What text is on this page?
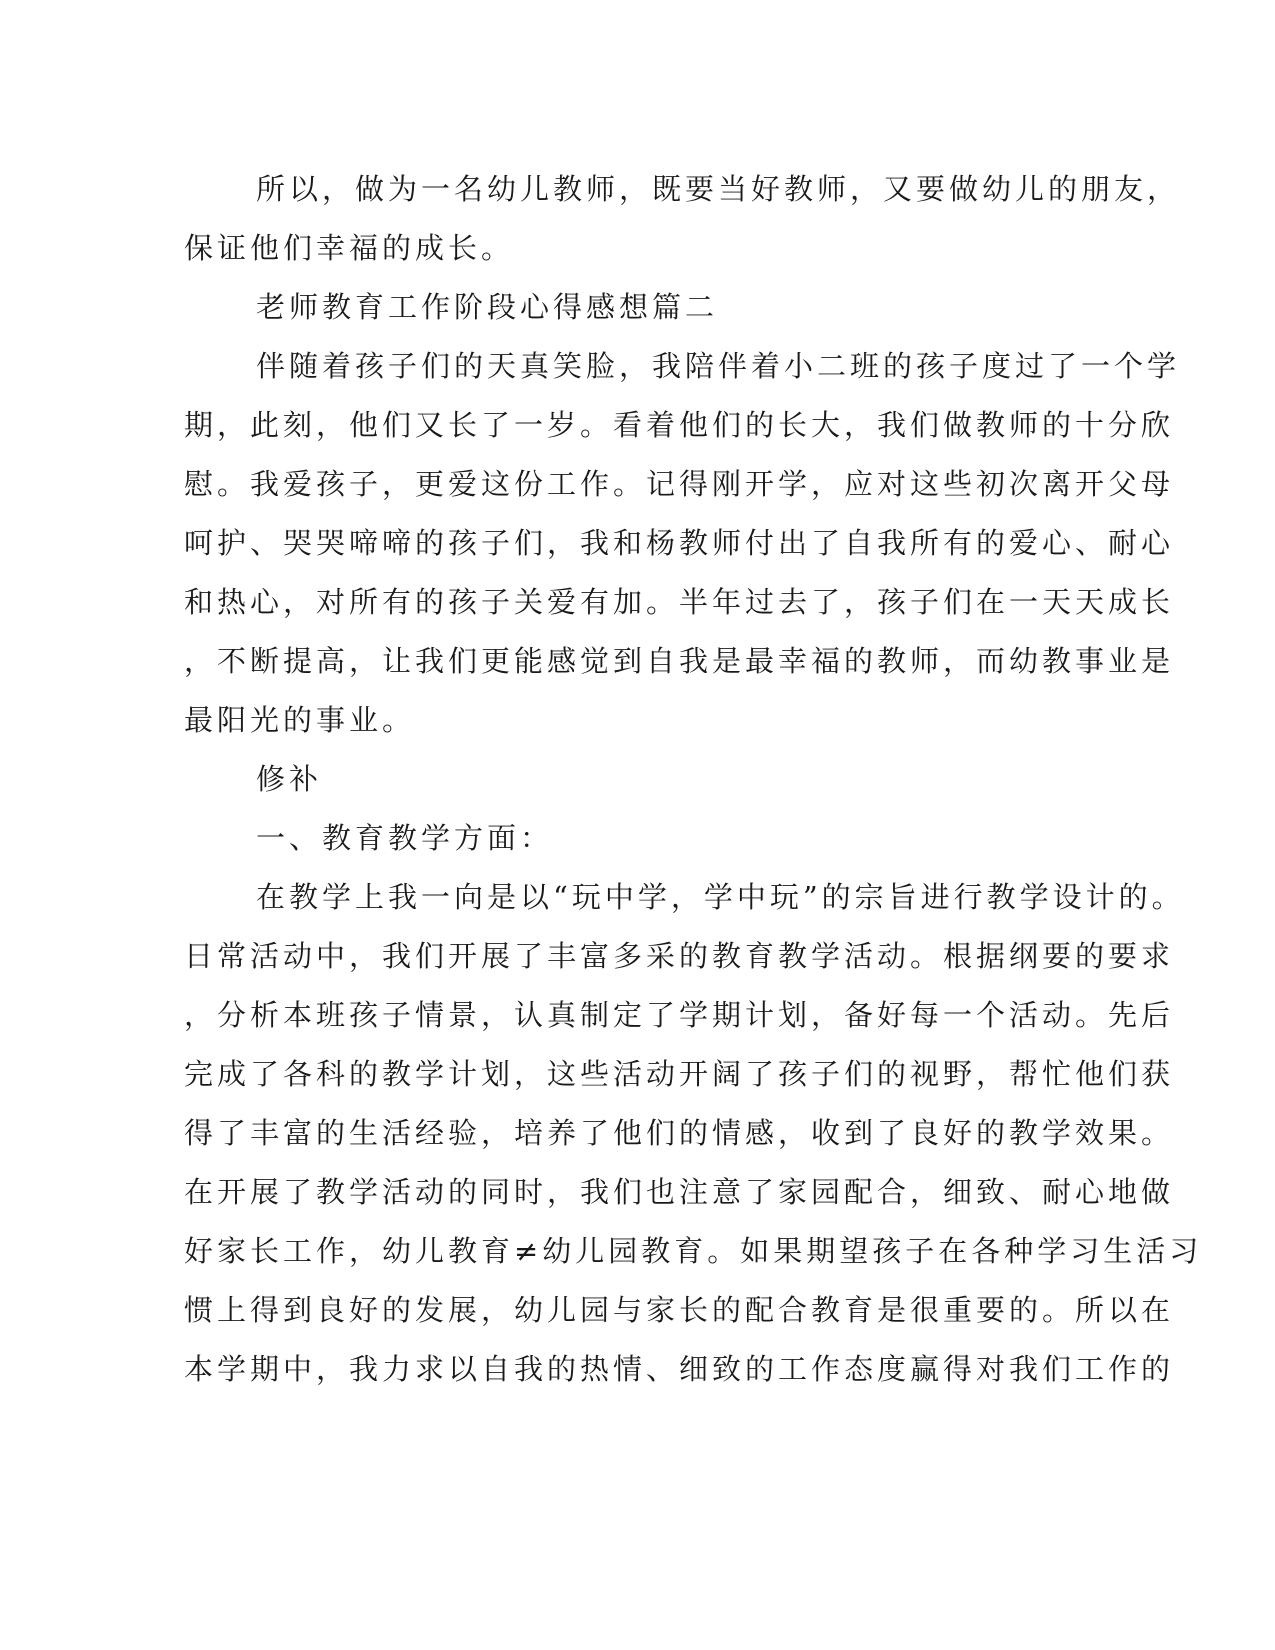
所以，做为一名幼儿教师，既要当好教师，又要做幼儿的朋友，
保证他们幸福的成长。
老师教育工作阶段心得感想篇二
伴随着孩子们的天真笑脸，我陪伴着小二班的孩子度过了一个学
期，此刻，他们又长了一岁。看着他们的长大，我们做教师的十分欣
慰。我爱孩子，更爱这份工作。记得刚开学，应对这些初次离开父母
呵护、哭哭啼啼的孩子们，我和杨教师付出了自我所有的爱心、耐心
和热心，对所有的孩子关爱有加。半年过去了，孩子们在一天天成长
，不断提高，让我们更能感觉到自我是最幸福的教师，而幼教事业是
最阳光的事业。
修补
一、教育教学方面：
在教学上我一向是以“玩中学，学中玩”的宗旨进行教学设计的。
日常活动中，我们开展了丰富多采的教育教学活动。根据纲要的要求
，分析本班孩子情景，认真制定了学期计划，备好每一个活动。先后
完成了各科的教学计划，这些活动开阔了孩子们的视野，帮忙他们获
得了丰富的生活经验，培养了他们的情感，收到了良好的教学效果。
在开展了教学活动的同时，我们也注意了家园配合，细致、耐心地做
好家长工作，幼儿教育≠幼儿园教育。如果期望孩子在各种学习生活习
惯上得到良好的发展，幼儿园与家长的配合教育是很重要的。所以在
本学期中，我力求以自我的热情、细致的工作态度赢得对我们工作的
